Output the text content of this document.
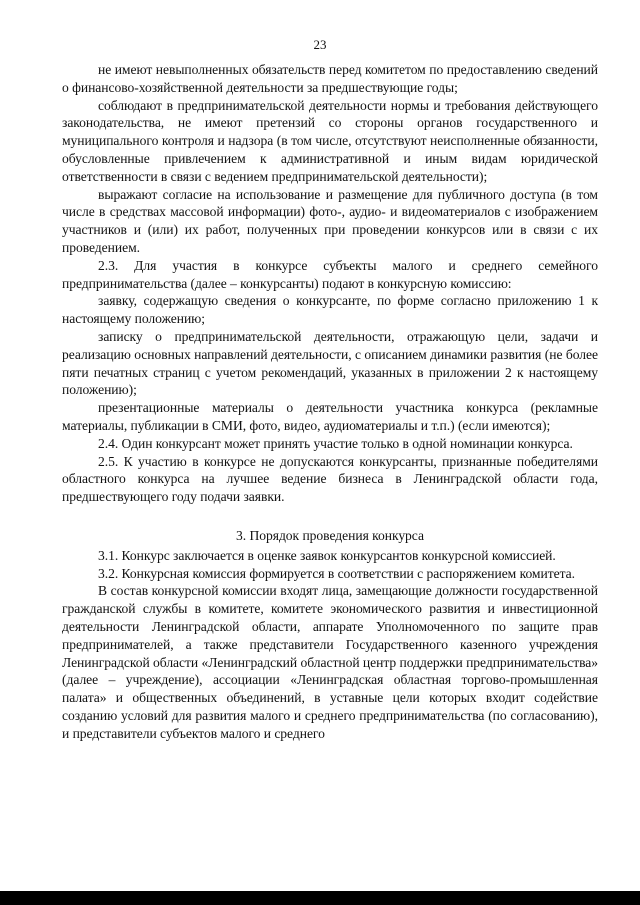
23

не имеют невыполненных обязательств перед комитетом по предоставлению сведений о финансово-хозяйственной деятельности за предшествующие годы;

соблюдают в предпринимательской деятельности нормы и требования действующего законодательства, не имеют претензий со стороны органов государственного и муниципального контроля и надзора (в том числе, отсутствуют неисполненные обязанности, обусловленные привлечением к административной и иным видам юридической ответственности в связи с ведением предпринимательской деятельности);

выражают согласие на использование и размещение для публичного доступа (в том числе в средствах массовой информации) фото-, аудио- и видеоматериалов с изображением участников и (или) их работ, полученных при проведении конкурсов или в связи с их проведением.

2.3. Для участия в конкурсе субъекты малого и среднего семейного предпринимательства (далее – конкурсанты) подают в конкурсную комиссию:

заявку, содержащую сведения о конкурсанте, по форме согласно приложению 1 к настоящему положению;

записку о предпринимательской деятельности, отражающую цели, задачи и реализацию основных направлений деятельности, с описанием динамики развития (не более пяти печатных страниц с учетом рекомендаций, указанных в приложении 2 к настоящему положению);

презентационные материалы о деятельности участника конкурса (рекламные материалы, публикации в СМИ, фото, видео, аудиоматериалы и т.п.) (если имеются);

2.4. Один конкурсант может принять участие только в одной номинации конкурса.

2.5. К участию в конкурсе не допускаются конкурсанты, признанные победителями областного конкурса на лучшее ведение бизнеса в Ленинградской области года, предшествующего году подачи заявки.

3. Порядок проведения конкурса

3.1. Конкурс заключается в оценке заявок конкурсантов конкурсной комиссией.

3.2. Конкурсная комиссия формируется в соответствии с распоряжением комитета.

В состав конкурсной комиссии входят лица, замещающие должности государственной гражданской службы в комитете, комитете экономического развития и инвестиционной деятельности Ленинградской области, аппарате Уполномоченного по защите прав предпринимателей, а также представители Государственного казенного учреждения Ленинградской области «Ленинградский областной центр поддержки предпринимательства» (далее – учреждение), ассоциации «Ленинградская областная торгово-промышленная палата» и общественных объединений, в уставные цели которых входит содействие созданию условий для развития малого и среднего предпринимательства (по согласованию), и представители субъектов малого и среднего
